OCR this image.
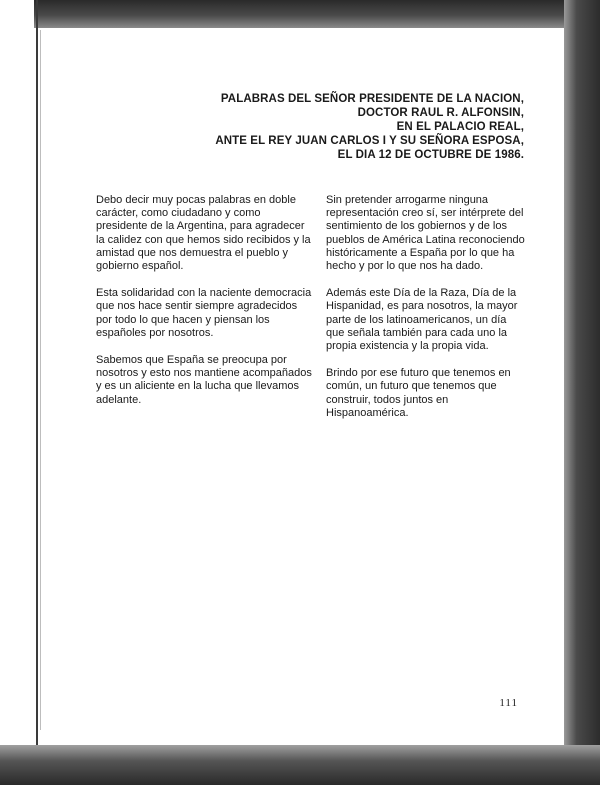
PALABRAS DEL SEÑOR PRESIDENTE DE LA NACION,
DOCTOR RAUL R. ALFONSIN,
EN EL PALACIO REAL,
ANTE EL REY JUAN CARLOS I Y SU SEÑORA ESPOSA,
EL DIA 12 DE OCTUBRE DE 1986.

Debo decir muy pocas palabras en doble carácter, como ciudadano y como presidente de la Argentina, para agradecer la calidez con que hemos sido recibidos y la amistad que nos demuestra el pueblo y gobierno español.

Esta solidaridad con la naciente democracia que nos hace sentir siempre agradecidos por todo lo que hacen y piensan los españoles por nosotros.

Sabemos que España se preocupa por nosotros y esto nos mantiene acompañados y es un aliciente en la lucha que llevamos adelante.

Sin pretender arrogarme ninguna representación creo sí, ser intérprete del sentimiento de los gobiernos y de los pueblos de América Latina reconociendo históricamente a España por lo que ha hecho y por lo que nos ha dado.

Además este Día de la Raza, Día de la Hispanidad, es para nosotros, la mayor parte de los latinoamericanos, un día que señala también para cada uno la propia existencia y la propia vida.

Brindo por ese futuro que tenemos en común, un futuro que tenemos que construir, todos juntos en Hispanoamérica.

111
